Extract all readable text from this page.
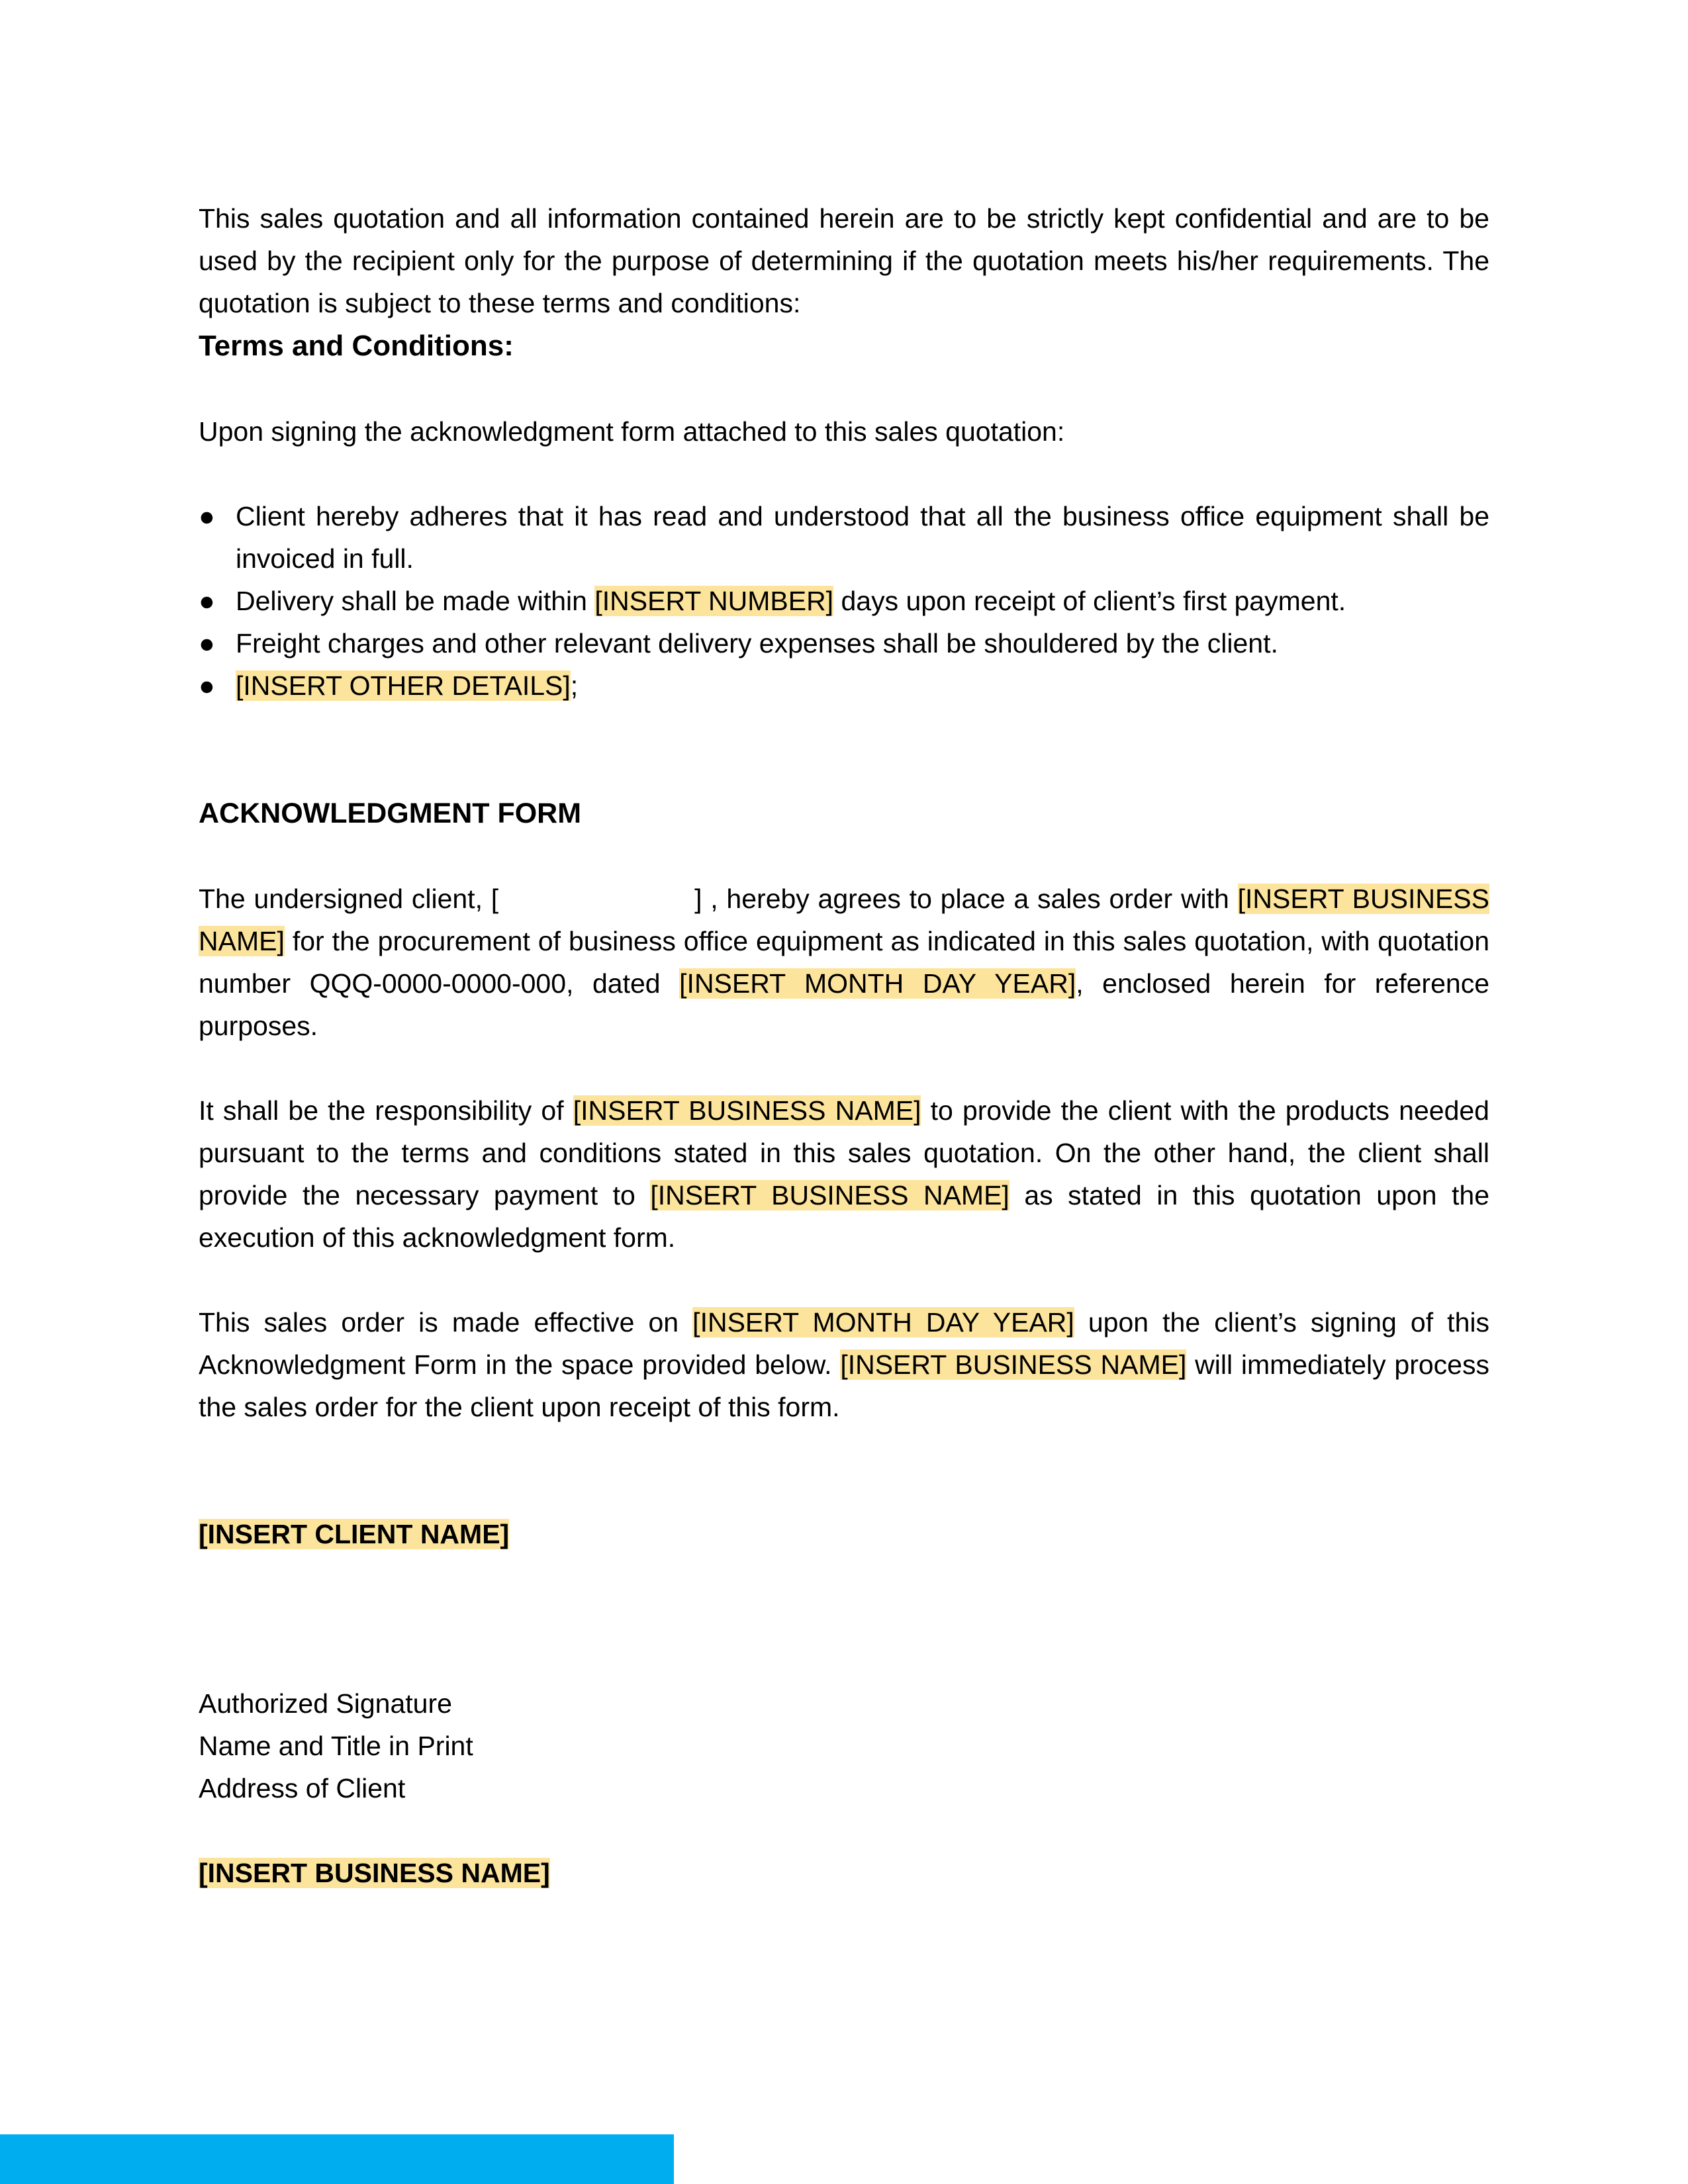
This sales quotation and all information contained herein are to be strictly kept confidential and are to be used by the recipient only for the purpose of determining if the quotation meets his/her requirements. The quotation is subject to these terms and conditions:

Terms and Conditions:

Upon signing the acknowledgment form attached to this sales quotation:

● Client hereby adheres that it has read and understood that all the business office equipment shall be invoiced in full.
● Delivery shall be made within [INSERT NUMBER] days upon receipt of client’s first payment.
● Freight charges and other relevant delivery expenses shall be shouldered by the client.
● [INSERT OTHER DETAILS];

ACKNOWLEDGMENT FORM

The undersigned client, [	] , hereby agrees to place a sales order with [INSERT BUSINESS NAME] for the procurement of business office equipment as indicated in this sales quotation, with quotation number QQQ-0000-0000-000, dated [INSERT MONTH DAY YEAR], enclosed herein for reference purposes.

It shall be the responsibility of [INSERT BUSINESS NAME] to provide the client with the products needed pursuant to the terms and conditions stated in this sales quotation. On the other hand, the client shall provide the necessary payment to [INSERT BUSINESS NAME] as stated in this quotation upon the execution of this acknowledgment form.

This sales order is made effective on [INSERT MONTH DAY YEAR] upon the client’s signing of this Acknowledgment Form in the space provided below. [INSERT BUSINESS NAME] will immediately process the sales order for the client upon receipt of this form.

[INSERT CLIENT NAME]

Authorized Signature

Name and Title in Print

Address of Client

[INSERT BUSINESS NAME]
